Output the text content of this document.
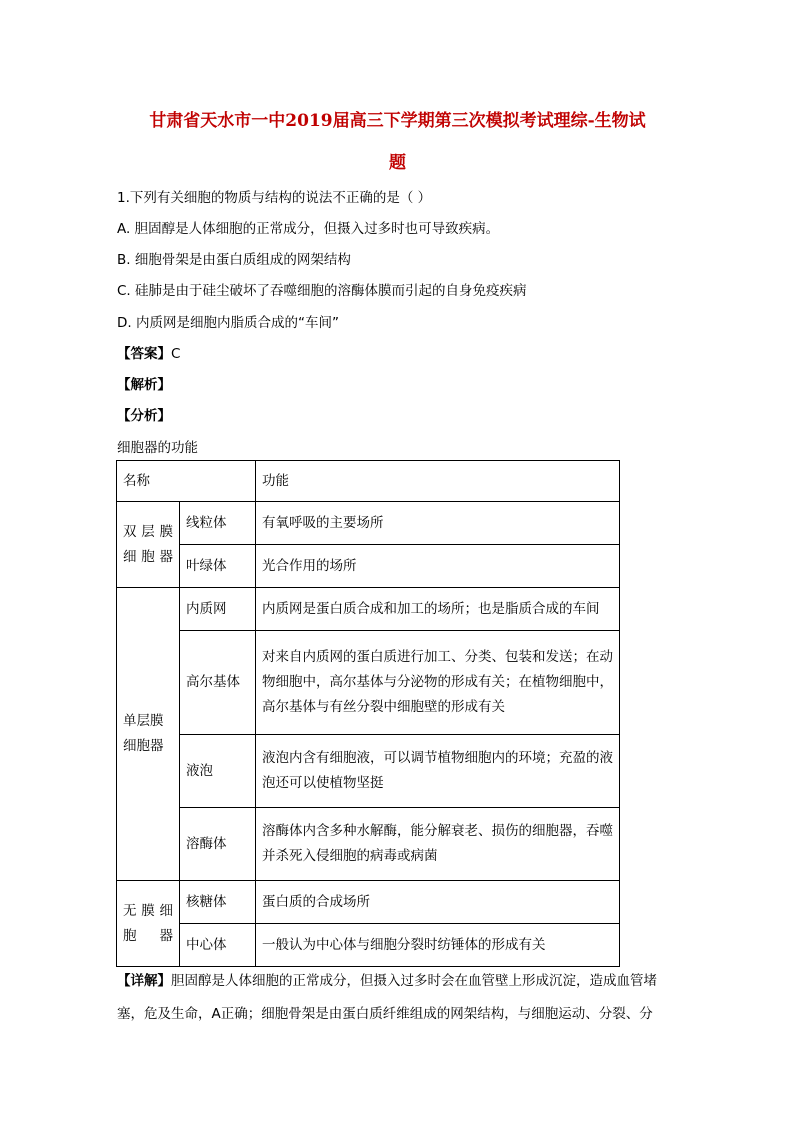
甘肃省天水市一中2019届高三下学期第三次模拟考试理综-生物试
题
1.下列有关细胞的物质与结构的说法不正确的是（ ）
A. 胆固醇是人体细胞的正常成分，但摄入过多时也可导致疾病。
B. 细胞骨架是由蛋白质组成的网架结构
C. 硅肺是由于硅尘破坏了吞噬细胞的溶酶体膜而引起的自身免疫疾病
D. 内质网是细胞内脂质合成的“车间”
【答案】C
【解析】
【分析】
细胞器的功能
名称		功能
双层膜细胞器	线粒体	有氧呼吸的主要场所
	叶绿体	光合作用的场所
单层膜细胞器	内质网	内质网是蛋白质合成和加工的场所；也是脂质合成的车间
	高尔基体	对来自内质网的蛋白质进行加工、分类、包装和发送；在动物细胞中，高尔基体与分泌物的形成有关；在植物细胞中，高尔基体与有丝分裂中细胞壁的形成有关
	液泡	液泡内含有细胞液，可以调节植物细胞内的环境；充盈的液泡还可以使植物坚挺
	溶酶体	溶酶体内含多种水解酶，能分解衰老、损伤的细胞器，吞噬并杀死入侵细胞的病毒或病菌
无膜细胞器	核糖体	蛋白质的合成场所
	中心体	一般认为中心体与细胞分裂时纺锤体的形成有关
【详解】胆固醇是人体细胞的正常成分，但摄入过多时会在血管壁上形成沉淀，造成血管堵塞，危及生命，A正确；细胞骨架是由蛋白质纤维组成的网架结构，与细胞运动、分裂、分
